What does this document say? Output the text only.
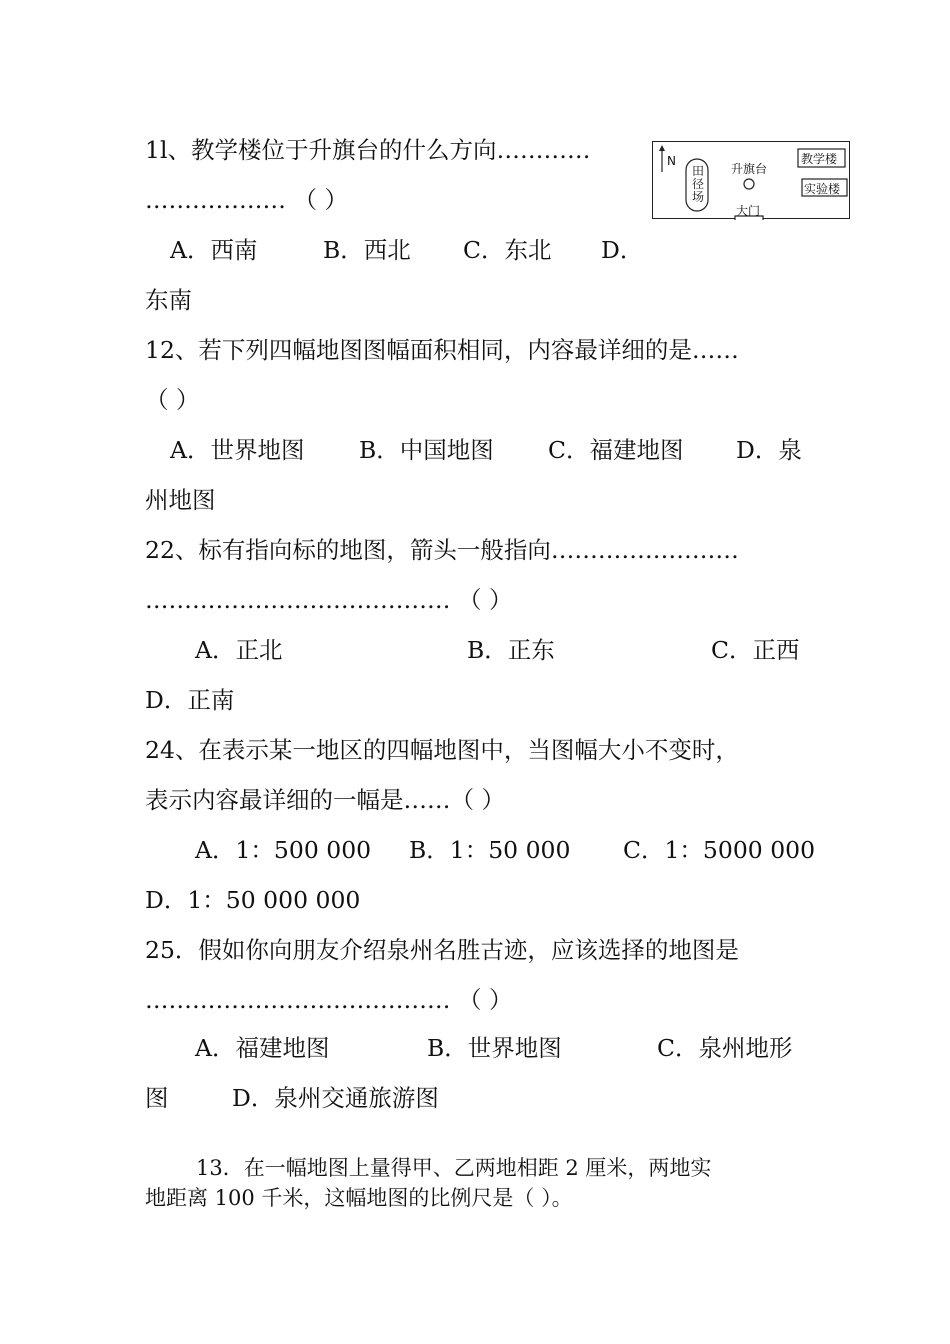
1l、教学楼位于升旗台的什么方向…………
……………… （ ）
N
田径场
升旗台
教学楼
实验楼
大门
A．西南	B．西北 C．东北 D．
东南
12、若下列四幅地图图幅面积相同，内容最详细的是……
（ ）
A．世界地图 B．中国地图 C．福建地图 D．泉
州地图
22、标有指向标的地图，箭头一般指向……………………
………………………………… （ ）
A．正北	B．正东	C．正西
D．正南
24、在表示某一地区的四幅地图中，当图幅大小不变时，
表示内容最详细的一幅是……（ ）
A．1：500 000 B．1：50 000 C．1：5000 000
D．1：50 000 000
25．假如你向朋友介绍泉州名胜古迹，应该选择的地图是
………………………………… （ ）
A．福建地图	B．世界地图	C．泉州地形
图	D．泉州交通旅游图
13．在一幅地图上量得甲、乙两地相距 2 厘米，两地实
地距离 100 千米，这幅地图的比例尺是（ ）。
